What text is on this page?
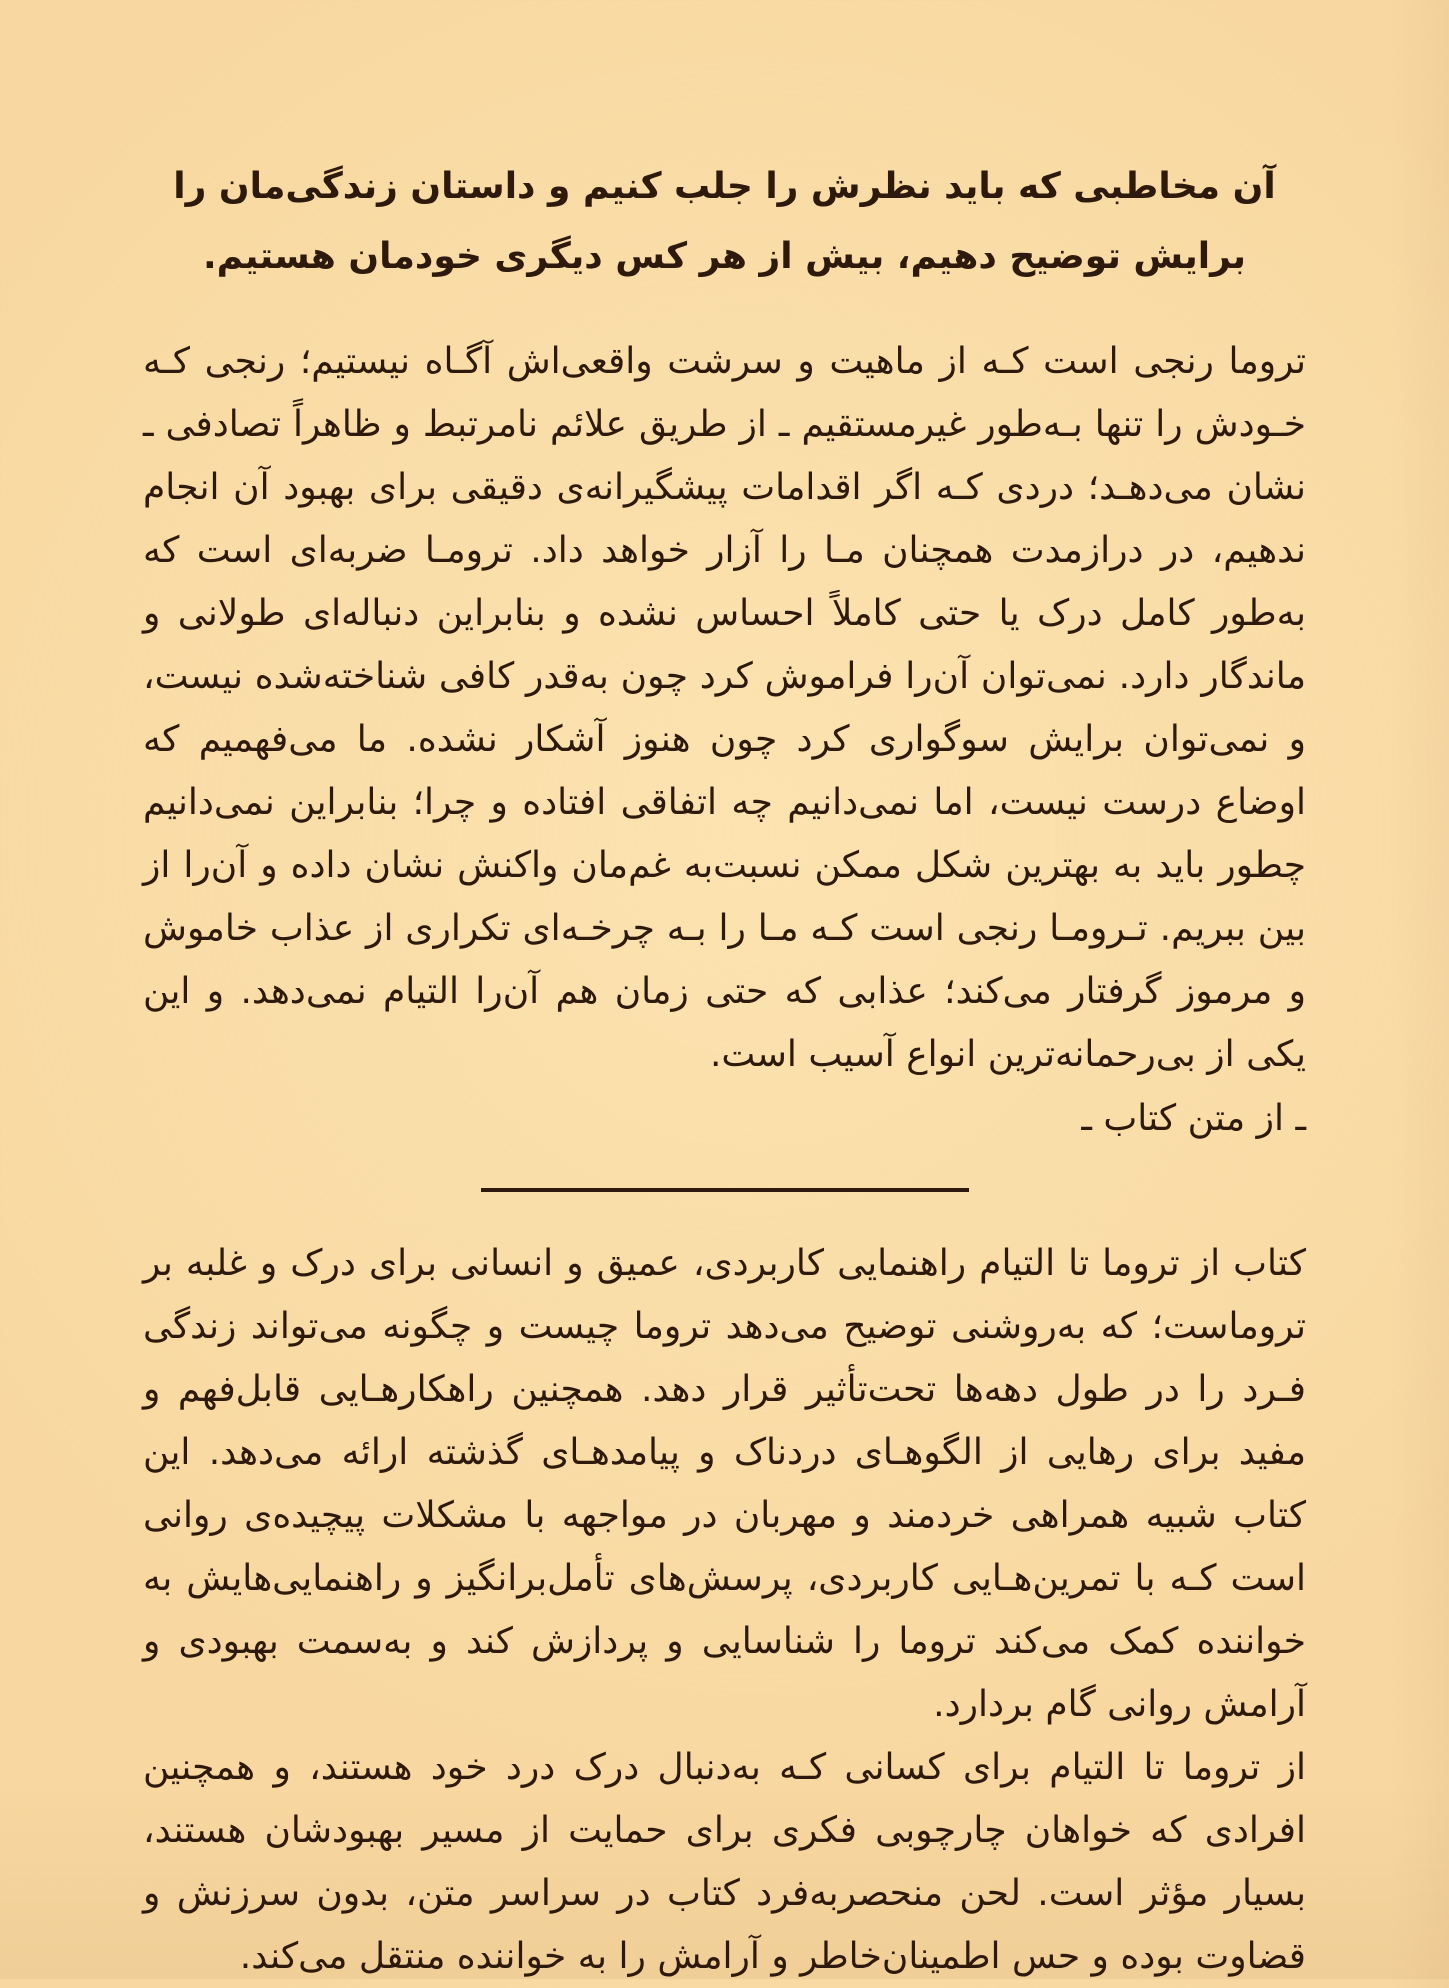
آن مخاطبی که باید نظرش را جلب کنیم و داستان زندگی‌مان را برایش توضیح دهیم، بیش از هر کس دیگری خودمان هستیم.

تروما رنجی است کـه از ماهیت و سرشت واقعی‌اش آگـاه نیستیم؛ رنجی کـه خـودش را تنها بـه‌طور غیرمستقیم ـ از طریق علائم نامرتبط و ظاهراً تصادفی ـ نشان می‌دهـد؛ دردی کـه اگر اقدامات پیشگیرانه‌ی دقیقی برای بهبود آن انجام ندهیم، در درازمدت همچنان مـا را آزار خواهد داد. ترومـا ضربه‌ای است که به‌طور کامل درک یا حتی کاملاً احساس نشده و بنابراین دنباله‌ای طولانی و ماندگار دارد. نمی‌توان آن‌را فراموش کرد چون به‌قدر کافی شناخته‌شده نیست، و نمی‌توان برایش سوگواری کرد چون هنوز آشکار نشده. ما می‌فهمیم که اوضاع درست نیست، اما نمی‌دانیم چه اتفاقی افتاده و چرا؛ بنابراین نمی‌دانیم چطور باید به بهترین شکل ممکن نسبت‌به غم‌مان واکنش نشان داده و آن‌را از بین ببریم. تـرومـا رنجی است کـه مـا را بـه چرخـه‌ای تکراری از عذاب خاموش و مرموز گرفتار می‌کند؛ عذابی که حتی زمان هم آن‌را التیام نمی‌دهد. و این یکی از بی‌رحمانه‌ترین انواع آسیب است.

ـ از متن کتاب ـ

کتاب از تروما تا التیام راهنمایی کاربردی، عمیق و انسانی برای درک و غلبه بر تروماست؛ که به‌روشنی توضیح می‌دهد تروما چیست و چگونه می‌تواند زندگی فـرد را در طول دهه‌ها تحت‌تأثیر قرار دهد. همچنین راهکارهـایی قابل‌فهم و مفید برای رهایی از الگوهـای دردناک و پیامدهـای گذشته ارائه می‌دهد. این کتاب شبیه همراهی خردمند و مهربان در مواجهه با مشکلات پیچیده‌ی روانی است کـه با تمرین‌هـایی کاربردی، پرسش‌های تأمل‌برانگیز و راهنمایی‌هایش به خواننده کمک می‌کند تروما را شناسایی و پردازش کند و به‌سمت بهبودی و آرامش روانی گام بردارد.

از تروما تا التیام برای کسانی کـه به‌دنبال درک درد خود هستند، و همچنین افرادی که خواهان چارچوبی فکری برای حمایت از مسیر بهبودشان هستند، بسیار مؤثر است. لحن منحصربه‌فرد کتاب در سراسر متن، بدون سرزنش و قضاوت بوده و حس اطمینان‌خاطر و آرامش را به خواننده منتقل می‌کند.
